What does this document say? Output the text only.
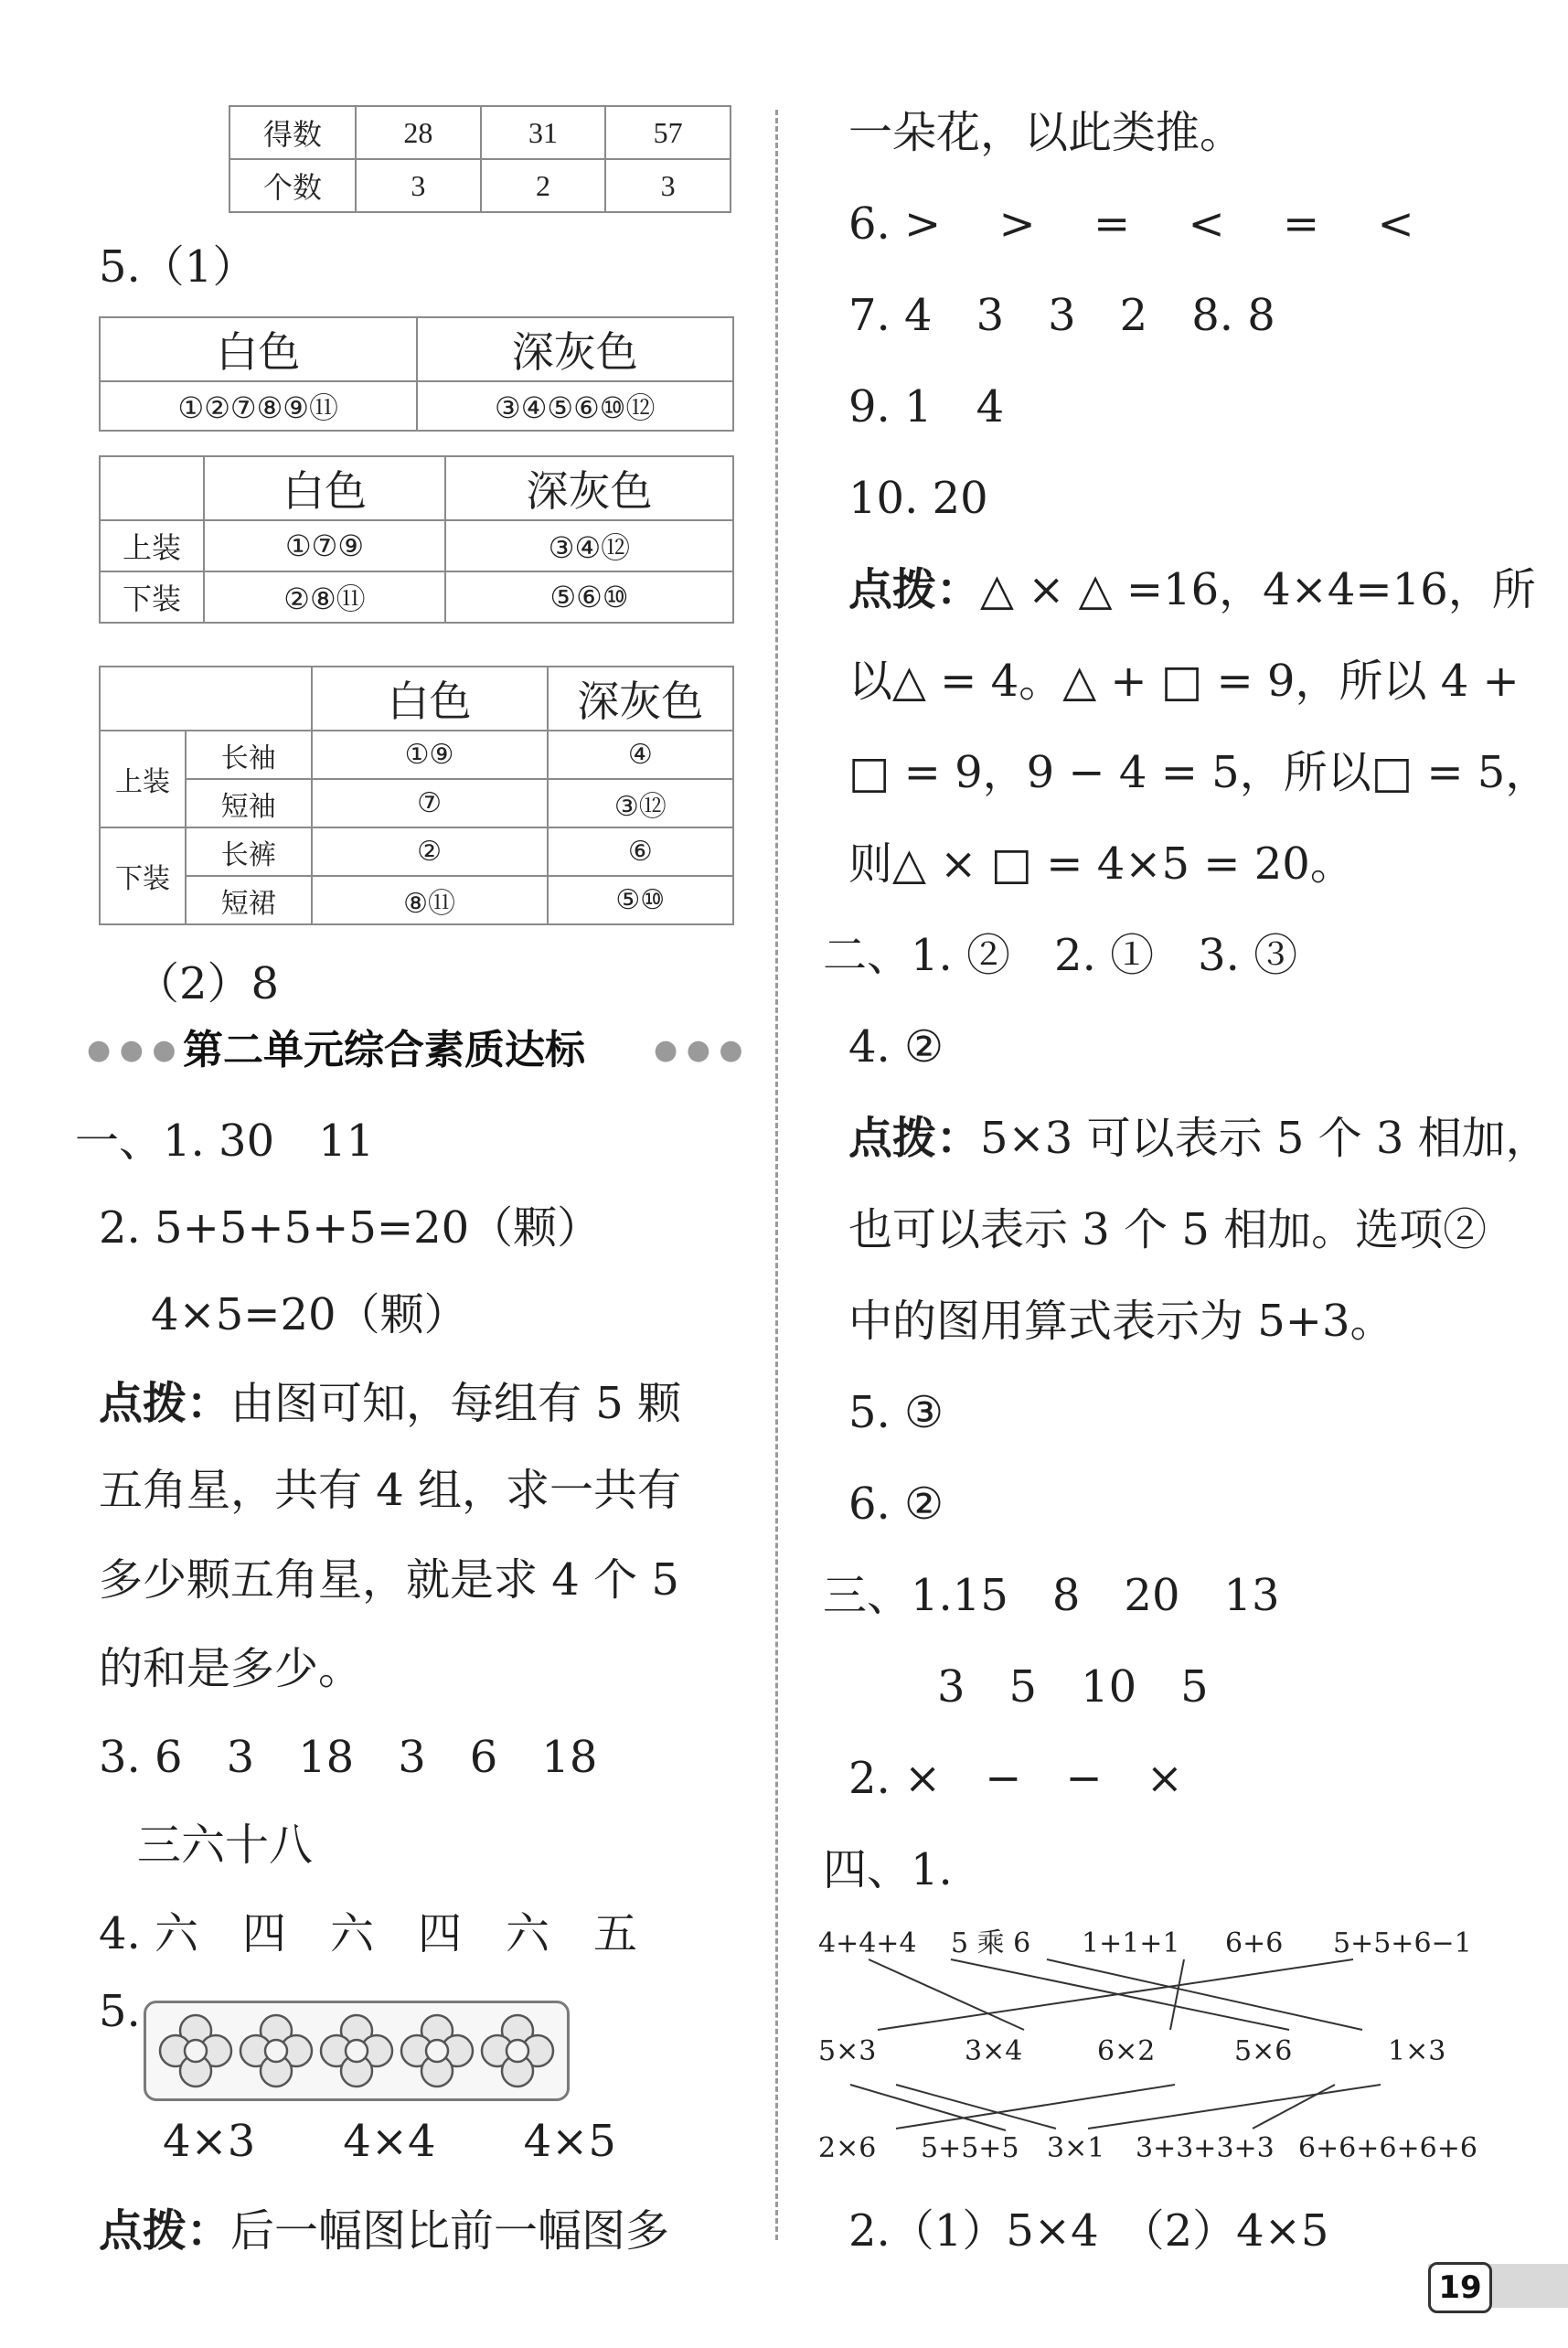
得数	28	31	57
个数	3	2	3
5.（1）
白色	深灰色
①②⑦⑧⑨⑪	③④⑤⑥⑩⑫
	白色	深灰色
上装	①⑦⑨	③④⑫
下装	②⑧⑪	⑤⑥⑩
		白色	深灰色
上装	长袖	①⑨	④
	短袖	⑦	③⑫
下装	长裤	②	⑥
	短裙	⑧⑪	⑤⑩
（2）8
● ● ● 第二单元综合素质达标	● ● ●
一、1. 30　11
2. 5+5+5+5=20（颗）
4×5=20（颗）
点拨：由图可知，每组有 5 颗
五角星，共有 4 组，求一共有
多少颗五角星，就是求 4 个 5
的和是多少。
3. 6　3　18　3　6　18
三六十八
4. 六　四　六　四　六　五
5.
4×3　　4×4　　4×5
点拨：后一幅图比前一幅图多
一朵花，以此类推。
6. >　 >　 =　 <　 =　 <
7. 4　3　3　2　8. 8
9. 1　4
10. 20
点拨：△ × △ =16，4×4=16，所
以△ = 4。△ + □ = 9，所以 4 +
□ = 9，9 − 4 = 5，所以□ = 5，
则△ × □ = 4×5 = 20。
二、1. ②　2. ①　3. ③
4. ②
点拨：5×3 可以表示 5 个 3 相加，
也可以表示 3 个 5 相加。选项②
中的图用算式表示为 5+3。
5. ③
6. ②
三、1.15　8　20　13
3　5　10　5
2. ×　−　−　×
四、1.
4+4+4 5 乘 6 1+1+1 6+6 5+5+6−1
5×3	3×4	6×2	5×6	1×3
2×6 5+5+5 3×1 3+3+3+3 6+6+6+6+6
2.（1）5×4　（2）4×5
19
